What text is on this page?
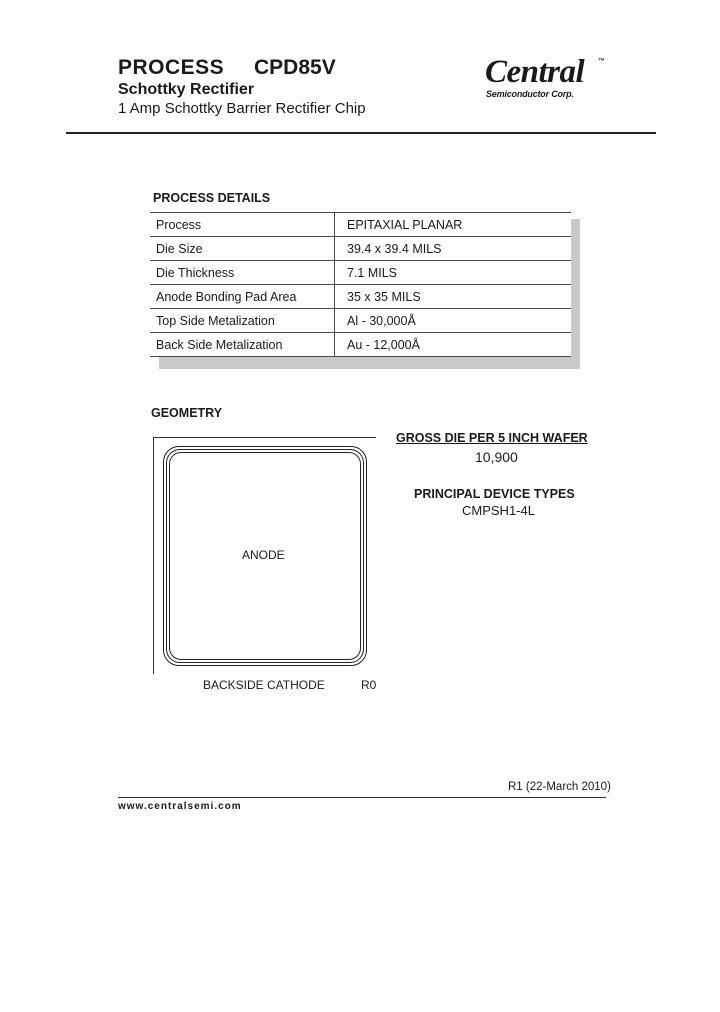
PROCESS CPD85V
Schottky Rectifier
1 Amp Schottky Barrier Rectifier Chip
Central ™
Semiconductor Corp.
PROCESS DETAILS
Process	EPITAXIAL PLANAR
Die Size	39.4 x 39.4 MILS
Die Thickness	7.1 MILS
Anode Bonding Pad Area	35 x 35 MILS
Top Side Metalization	Al - 30,000Å
Back Side Metalization	Au - 12,000Å
GEOMETRY
ANODE
BACKSIDE CATHODE	R0
GROSS DIE PER 5 INCH WAFER
10,900
PRINCIPAL DEVICE TYPES
CMPSH1-4L
R1 (22-March 2010)
www.centralsemi.com
